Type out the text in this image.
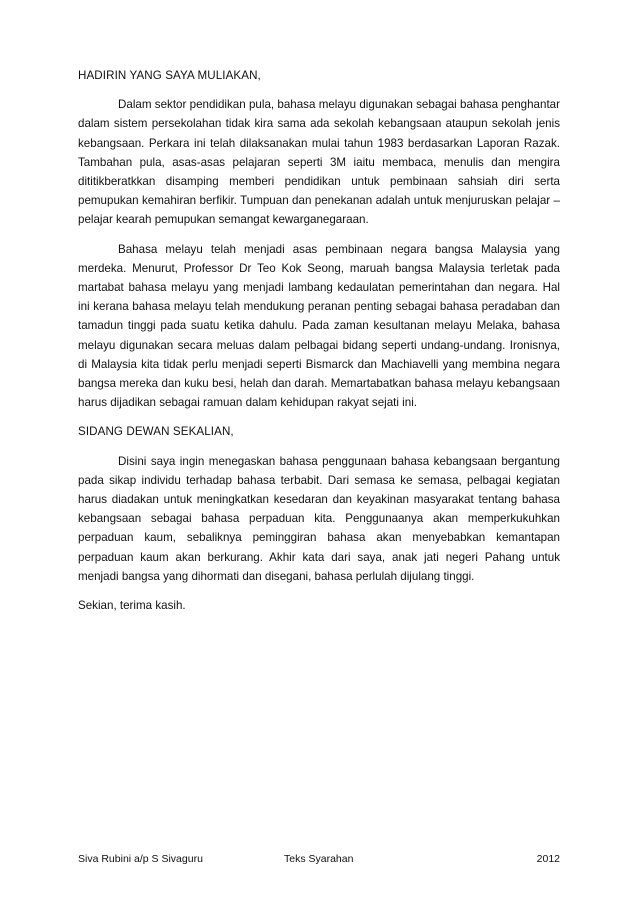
HADIRIN YANG SAYA MULIAKAN,

Dalam sektor pendidikan pula, bahasa melayu digunakan sebagai bahasa penghantar dalam sistem persekolahan tidak kira sama ada sekolah kebangsaan ataupun sekolah jenis kebangsaan. Perkara ini telah dilaksanakan mulai tahun 1983 berdasarkan Laporan Razak. Tambahan pula, asas-asas pelajaran seperti 3M iaitu membaca, menulis dan mengira dititikberatkkan disamping memberi pendidikan untuk pembinaan sahsiah diri serta pemupukan kemahiran berfikir. Tumpuan dan penekanan adalah untuk menjuruskan pelajar – pelajar kearah pemupukan semangat kewarganegaraan.

Bahasa melayu telah menjadi asas pembinaan negara bangsa Malaysia yang merdeka. Menurut, Professor Dr Teo Kok Seong, maruah bangsa Malaysia terletak pada martabat bahasa melayu yang menjadi lambang kedaulatan pemerintahan dan negara. Hal ini kerana bahasa melayu telah mendukung peranan penting sebagai bahasa peradaban dan tamadun tinggi pada suatu ketika dahulu. Pada zaman kesultanan melayu Melaka, bahasa melayu digunakan secara meluas dalam pelbagai bidang seperti undang-undang. Ironisnya, di Malaysia kita tidak perlu menjadi seperti Bismarck dan Machiavelli yang membina negara bangsa mereka dan kuku besi, helah dan darah. Memartabatkan bahasa melayu kebangsaan harus dijadikan sebagai ramuan dalam kehidupan rakyat sejati ini.

SIDANG DEWAN SEKALIAN,

Disini saya ingin menegaskan bahasa penggunaan bahasa kebangsaan bergantung pada sikap individu terhadap bahasa terbabit. Dari semasa ke semasa, pelbagai kegiatan harus diadakan untuk meningkatkan kesedaran dan keyakinan masyarakat tentang bahasa kebangsaan sebagai bahasa perpaduan kita. Penggunaanya akan memperkukuhkan perpaduan kaum, sebaliknya peminggiran bahasa akan menyebabkan kemantapan perpaduan kaum akan berkurang. Akhir kata dari saya, anak jati negeri Pahang untuk menjadi bangsa yang dihormati dan disegani, bahasa perlulah dijulang tinggi.

Sekian, terima kasih.

Siva Rubini a/p S Sivaguru	Teks Syarahan	2012
